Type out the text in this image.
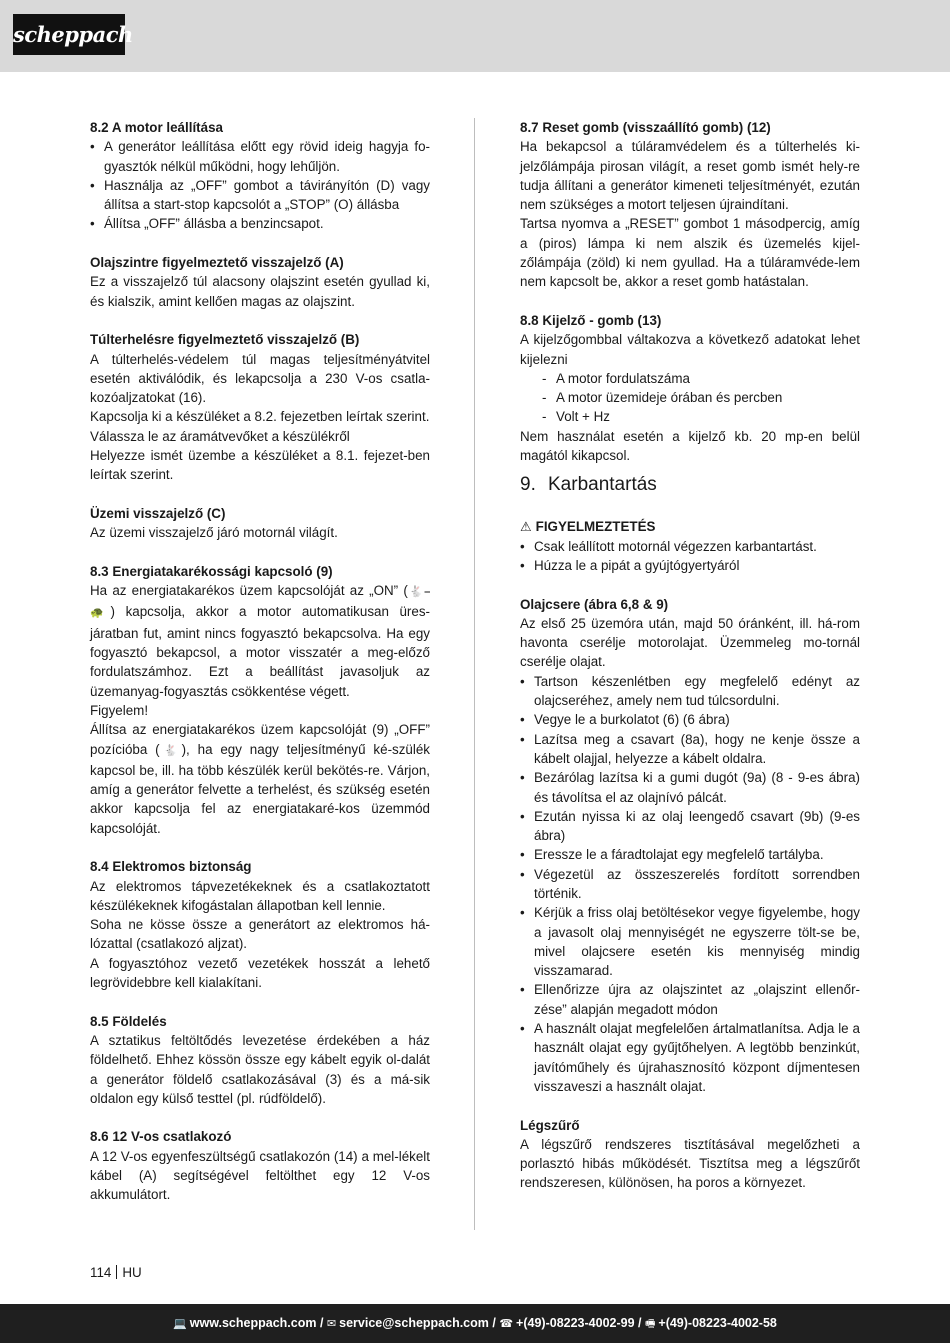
scheppach
8.2 A motor leállítása
• A generátor leállítása előtt egy rövid ideig hagyja fo-gyasztók nélkül működni, hogy lehűljön.
• Használja az „OFF” gombot a távirányítón (D) vagy állítsa a start-stop kapcsolót a „STOP” (O) állásba
• Állítsa „OFF” állásba a benzincsapot.
Olajszintre figyelmeztető visszajelző (A)
Ez a visszajelző túl alacsony olajszint esetén gyullad ki, és kialszik, amint kellően magas az olajszint.
Túlterhelésre figyelmeztető visszajelző (B)
A túlterhelés-védelem túl magas teljesítményátvitel esetén aktiválódik, és lekapcsolja a 230 V-os csatla-kozóaljzatokat (16).
Kapcsolja ki a készüléket a 8.2. fejezetben leírtak szerint.
Válassza le az áramátvevőket a készülékről
Helyezze ismét üzembe a készüléket a 8.1. fejezet-ben leírtak szerint.
Üzemi visszajelző (C)
Az üzemi visszajelző járó motornál világít.
8.3 Energiatakarékossági kapcsoló (9)
Ha az energiatakarékos üzem kapcsolóját az „ON” (🐇⎯🐢) kapcsolja, akkor a motor automatikusan üres-járatban fut, amint nincs fogyasztó bekapcsolva. Ha egy fogyasztó bekapcsol, a motor visszatér a meg-előző fordulatszámhoz. Ezt a beállítást javasoljuk az üzemanyag-fogyasztás csökkentése végett.
Figyelem!
Állítsa az energiatakarékos üzem kapcsolóját (9) „OFF” pozícióba (🐇), ha egy nagy teljesítményű ké-szülék kapcsol be, ill. ha több készülék kerül bekötés-re. Várjon, amíg a generátor felvette a terhelést, és szükség esetén akkor kapcsolja fel az energiatakaré-kos üzemmód kapcsolóját.
8.4 Elektromos biztonság
Az elektromos tápvezetékeknek és a csatlakoztatott készülékeknek kifogástalan állapotban kell lennie.
Soha ne kösse össze a generátort az elektromos há-lózattal (csatlakozó aljzat).
A fogyasztóhoz vezető vezetékek hosszát a lehető legrövidebbre kell kialakítani.
8.5 Földelés
A sztatikus feltöltődés levezetése érdekében a ház földelhető. Ehhez kössön össze egy kábelt egyik ol-dalát a generátor földelő csatlakozásával (3) és a má-sik oldalon egy külső testtel (pl. rúdföldelő).
8.6 12 V-os csatlakozó
A 12 V-os egyenfeszültségű csatlakozón (14) a mel-lékelt kábel (A) segítségével feltölthet egy 12 V-os akkumulátort.
8.7 Reset gomb (visszaállító gomb) (12)
Ha bekapcsol a túláramvédelem és a túlterhelés ki-jelzőlámpája pirosan világít, a reset gomb ismét hely-re tudja állítani a generátor kimeneti teljesítményét, ezután nem szükséges a motort teljesen újraindítani.
Tartsa nyomva a „RESET” gombot 1 másodpercig, amíg a (piros) lámpa ki nem alszik és üzemelés kijel-zőlámpája (zöld) ki nem gyullad. Ha a túláramvéde-lem nem kapcsolt be, akkor a reset gomb hatástalan.
8.8 Kijelző - gomb (13)
A kijelzőgombbal váltakozva a következő adatokat lehet kijelezni
- A motor fordulatszáma
- A motor üzemideje órában és percben
- Volt + Hz
Nem használat esetén a kijelző kb. 20 mp-en belül magától kikapcsol.
9. Karbantartás
⚠ FIGYELMEZTETÉS
• Csak leállított motornál végezzen karbantartást.
• Húzza le a pipát a gyújtógyertyáról
Olajcsere (ábra 6,8 & 9)
Az első 25 üzemóra után, majd 50 óránként, ill. há-rom havonta cserélje motorolajat. Üzemmeleg mo-tornál cserélje olajat.
• Tartson készenlétben egy megfelelő edényt az olajcseréhez, amely nem tud túlcsordulni.
• Vegye le a burkolatot (6) (6 ábra)
• Lazítsa meg a csavart (8a), hogy ne kenje össze a kábelt olajjal, helyezze a kábelt oldalra.
• Bezárólag lazítsa ki a gumi dugót (9a) (8 - 9-es ábra) és távolítsa el az olajnívó pálcát.
• Ezután nyissa ki az olaj leengedő csavart (9b) (9-es ábra)
• Eressze le a fáradtolajat egy megfelelő tartályba.
• Végezetül az összeszerelés fordított sorrendben történik.
• Kérjük a friss olaj betöltésekor vegye figyelembe, hogy a javasolt olaj mennyiségét ne egyszerre tölt-se be, mivel olajcsere esetén kis mennyiség mindig visszamarad.
• Ellenőrizze újra az olajszintet az „olajszint ellenőr-zése” alapján megadott módon
• A használt olajat megfelelően ártalmatlanítsa. Adja le a használt olajat egy gyűjtőhelyen. A legtöbb benzinkút, javítóműhely és újrahasznosító központ díjmentesen visszaveszi a használt olajat.
Légszűrő
A légszűrő rendszeres tisztításával megelőzheti a porlasztó hibás működését. Tisztítsa meg a légszűrőt rendszeresen, különösen, ha poros a környezet.
114 HU
💻 www.scheppach.com / ✉ service@scheppach.com / ☎ +(49)-08223-4002-99 / 🖷 +(49)-08223-4002-58
